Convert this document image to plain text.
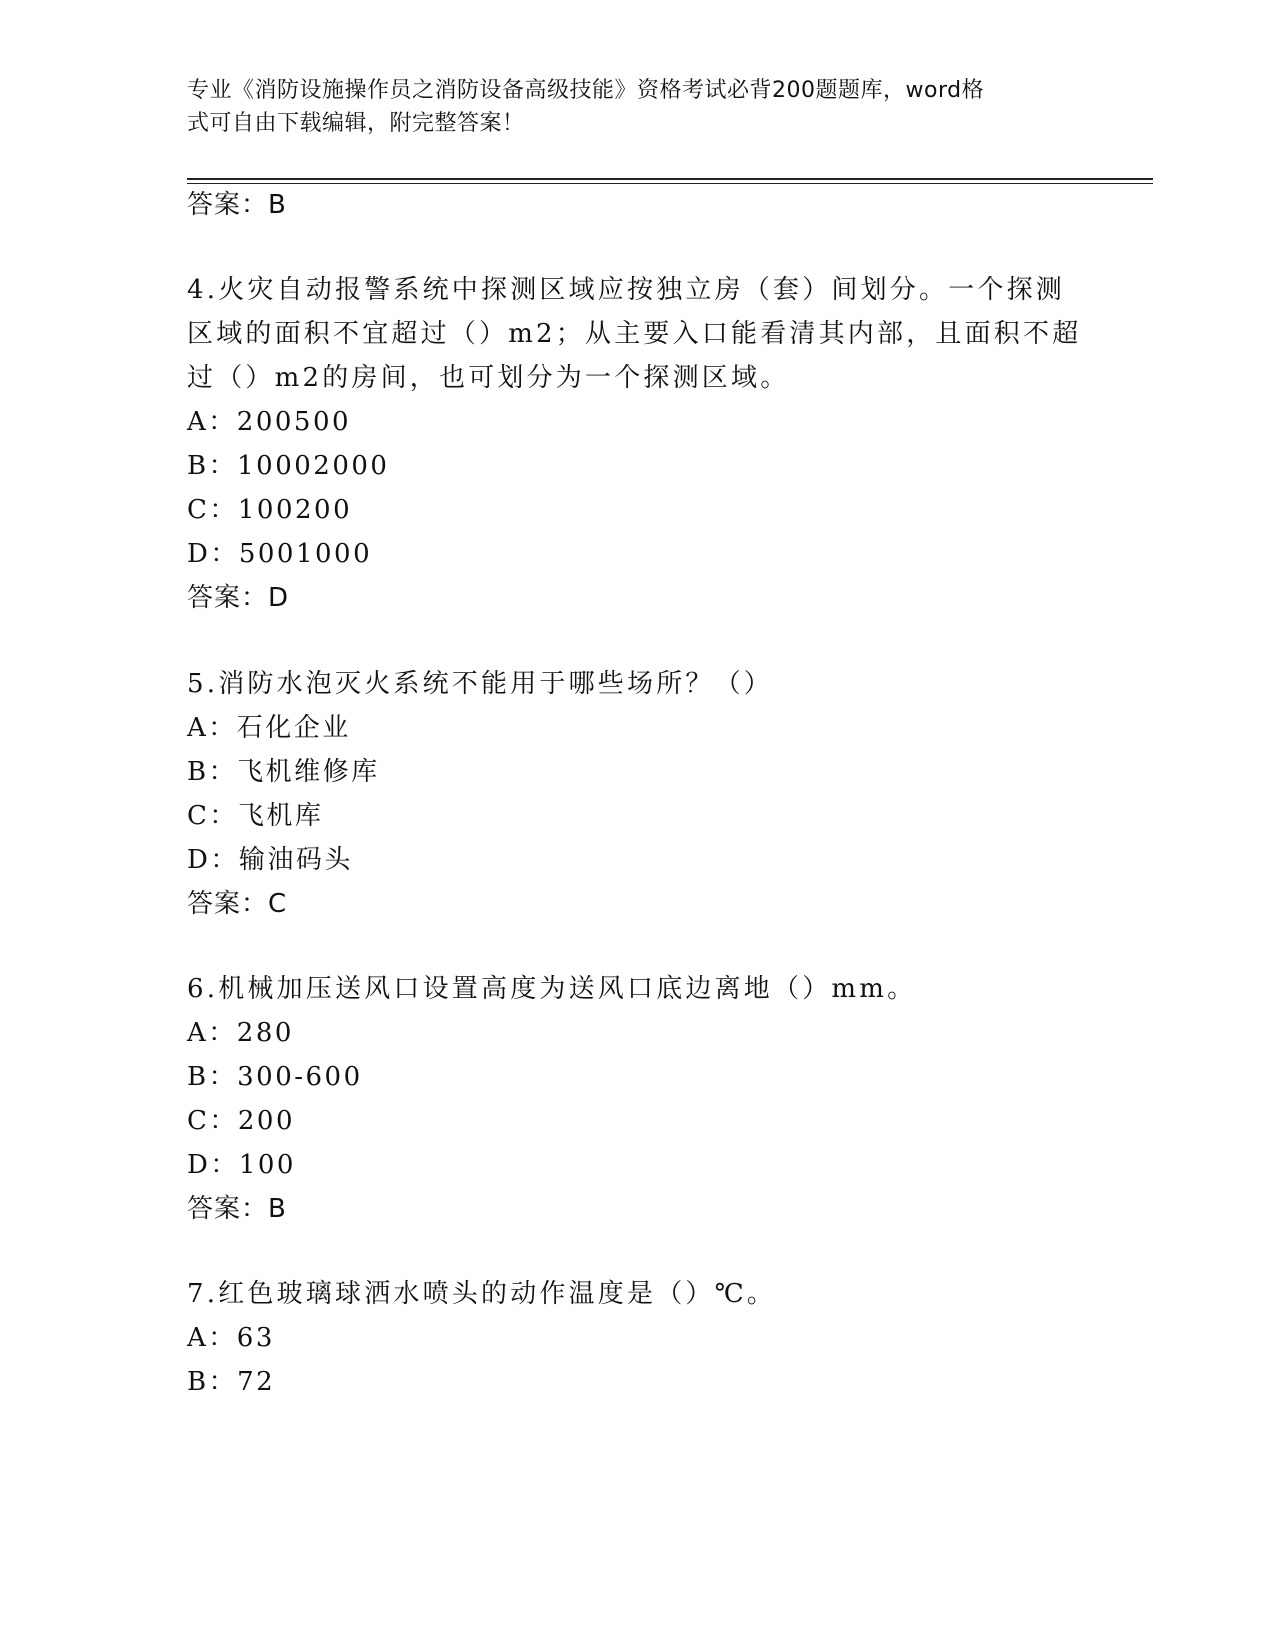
专业《消防设施操作员之消防设备高级技能》资格考试必背200题题库，word格
式可自由下载编辑，附完整答案！
答案：B
4.火灾自动报警系统中探测区域应按独立房（套）间划分。一个探测
区域的面积不宜超过（）m2；从主要入口能看清其内部，且面积不超
过（）m2的房间，也可划分为一个探测区域。
A：200500
B：10002000
C：100200
D：5001000
答案：D
5.消防水泡灭火系统不能用于哪些场所？（）
A：石化企业
B：飞机维修库
C：飞机库
D：输油码头
答案：C
6.机械加压送风口设置高度为送风口底边离地（）mm。
A：280
B：300-600
C：200
D：100
答案：B
7.红色玻璃球洒水喷头的动作温度是（）℃。
A：63
B：72
